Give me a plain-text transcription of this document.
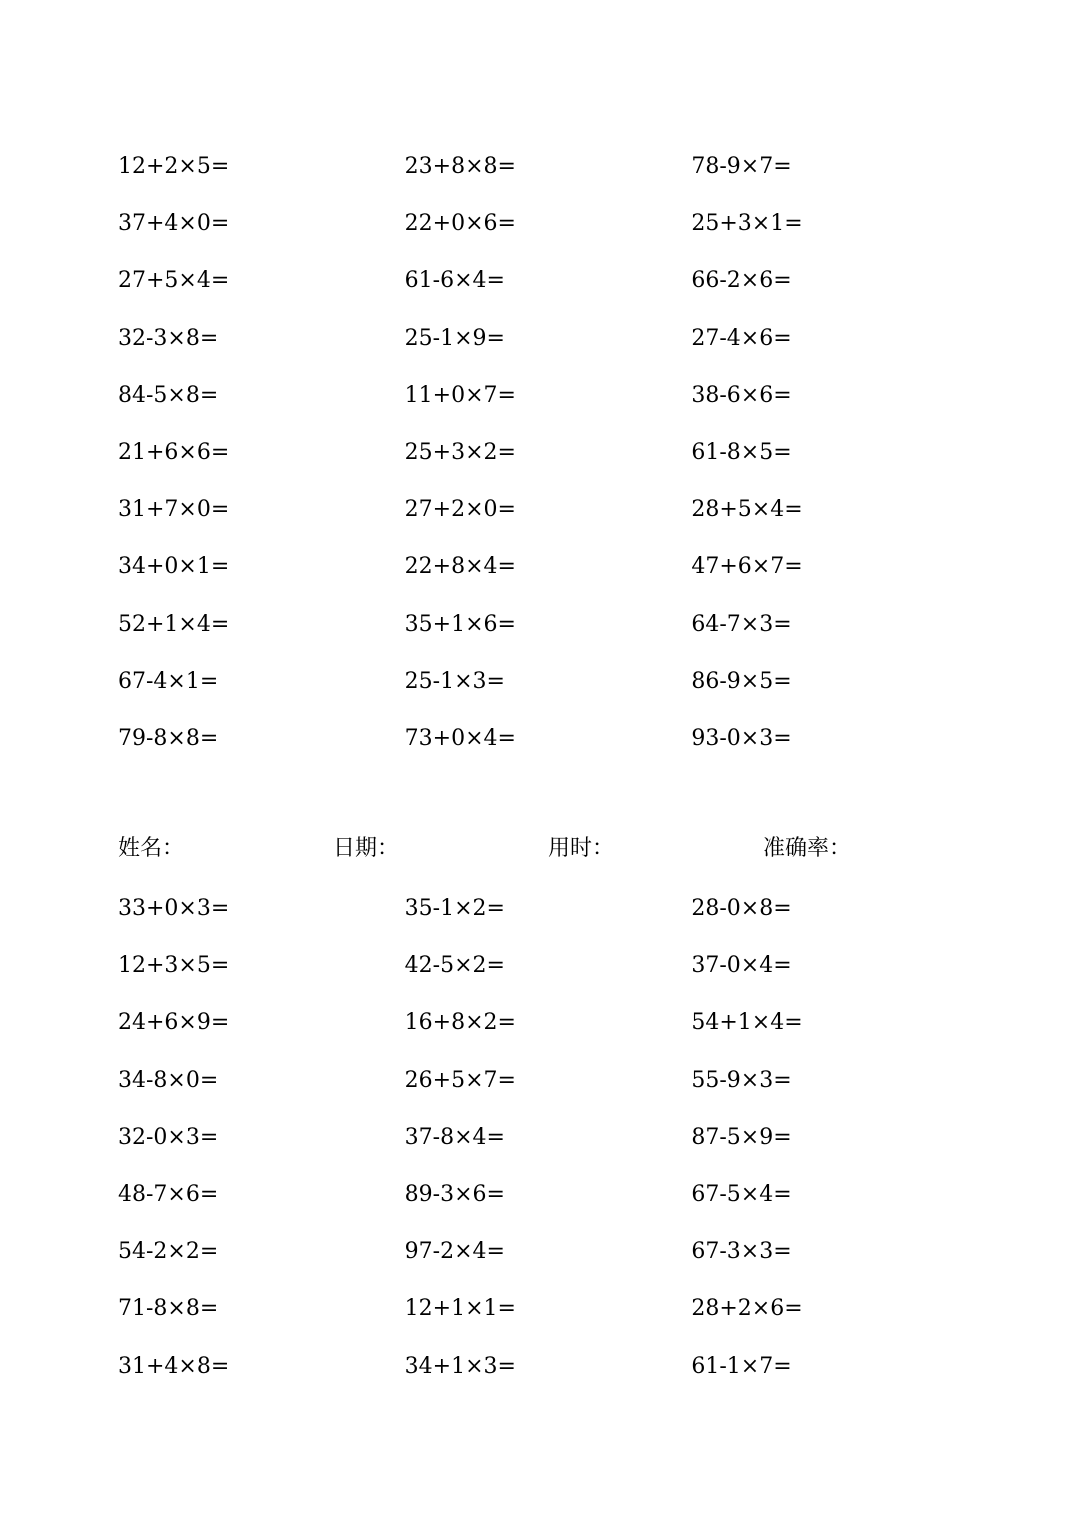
12+2×5=	23+8×8=	78-9×7=
37+4×0=	22+0×6=	25+3×1=
27+5×4=	61-6×4=	66-2×6=
32-3×8=	25-1×9=	27-4×6=
84-5×8=	11+0×7=	38-6×6=
21+6×6=	25+3×2=	61-8×5=
31+7×0=	27+2×0=	28+5×4=
34+0×1=	22+8×4=	47+6×7=
52+1×4=	35+1×6=	64-7×3=
67-4×1=	25-1×3=	86-9×5=
79-8×8=	73+0×4=	93-0×3=
姓名：	日期：	用时：	准确率：
33+0×3=	35-1×2=	28-0×8=
12+3×5=	42-5×2=	37-0×4=
24+6×9=	16+8×2=	54+1×4=
34-8×0=	26+5×7=	55-9×3=
32-0×3=	37-8×4=	87-5×9=
48-7×6=	89-3×6=	67-5×4=
54-2×2=	97-2×4=	67-3×3=
71-8×8=	12+1×1=	28+2×6=
31+4×8=	34+1×3=	61-1×7=
